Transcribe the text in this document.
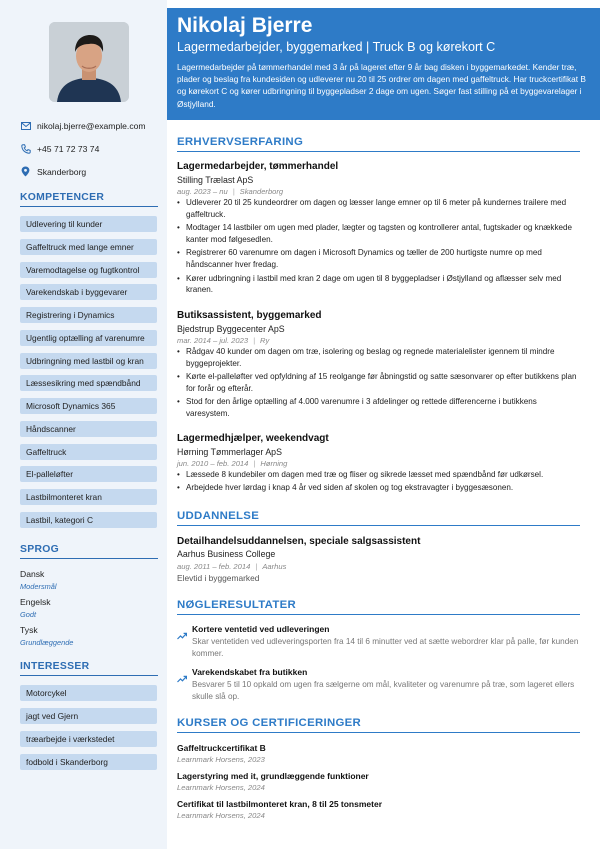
nikolaj.bjerre@example.com
+45 71 72 73 74
Skanderborg
KOMPETENCER
Udlevering til kunder
Gaffeltruck med lange emner
Varemodtagelse og fugtkontrol
Varekendskab i byggevarer
Registrering i Dynamics
Ugentlig optælling af varenumre
Udbringning med lastbil og kran
Læssesikring med spændbånd
Microsoft Dynamics 365
Håndscanner
Gaffeltruck
El-palleløfter
Lastbilmonteret kran
Lastbil, kategori C
SPROG
Dansk
Modersmål
Engelsk
Godt
Tysk
Grundlæggende
INTERESSER
Motorcykel
jagt ved Gjern
træarbejde i værkstedet
fodbold i Skanderborg
Nikolaj Bjerre
Lagermedarbejder, byggemarked | Truck B og kørekort C
Lagermedarbejder på tømmerhandel med 3 år på lageret efter 9 år bag disken i byggemarkedet. Kender træ, plader og beslag fra kundesiden og udleverer nu 20 til 25 ordrer om dagen med gaffeltruck. Har truckcertifikat B og kørekort C og kører udbringning til byggepladser 2 dage om ugen. Søger fast stilling på et byggevarelager i Østjylland.
ERHVERVSERFARING
Lagermedarbejder, tømmerhandel
Stilling Trælast ApS
aug. 2023 – nu | Skanderborg
• Udleverer 20 til 25 kundeordrer om dagen og læsser lange emner op til 6 meter på kundernes trailere med gaffeltruck.
• Modtager 14 lastbiler om ugen med plader, lægter og tagsten og kontrollerer antal, fugtskader og knækkede kanter mod følgesedlen.
• Registrerer 60 varenumre om dagen i Microsoft Dynamics og tæller de 200 hurtigste numre op med håndscanner hver fredag.
• Kører udbringning i lastbil med kran 2 dage om ugen til 8 byggepladser i Østjylland og aflæsser selv med kranen.
Butiksassistent, byggemarked
Bjedstrup Byggecenter ApS
mar. 2014 – jul. 2023 | Ry
• Rådgav 40 kunder om dagen om træ, isolering og beslag og regnede materialelister igennem til mindre byggeprojekter.
• Kørte el-palleløfter ved opfyldning af 15 reolgange før åbningstid og satte sæsonvarer op efter butikkens plan for forår og efterår.
• Stod for den årlige optælling af 4.000 varenumre i 3 afdelinger og rettede differencerne i butikkens varesystem.
Lagermedhjælper, weekendvagt
Hørning Tømmerlager ApS
jun. 2010 – feb. 2014 | Hørning
• Læssede 8 kundebiler om dagen med træ og fliser og sikrede læsset med spændbånd før udkørsel.
• Arbejdede hver lørdag i knap 4 år ved siden af skolen og tog ekstravagter i byggesæsonen.
UDDANNELSE
Detailhandelsuddannelsen, speciale salgsassistent
Aarhus Business College
aug. 2011 – feb. 2014 | Aarhus
Elevtid i byggemarked
NØGLERESULTATER
Kortere ventetid ved udleveringen
Skar ventetiden ved udleveringsporten fra 14 til 6 minutter ved at sætte webordrer klar på palle, før kunden kommer.
Varekendskabet fra butikken
Besvarer 5 til 10 opkald om ugen fra sælgerne om mål, kvaliteter og varenumre på træ, som lageret ellers skulle slå op.
KURSER OG CERTIFICERINGER
Gaffeltruckcertifikat B
Learnmark Horsens, 2023
Lagerstyring med it, grundlæggende funktioner
Learnmark Horsens, 2024
Certifikat til lastbilmonteret kran, 8 til 25 tonsmeter
Learnmark Horsens, 2024
